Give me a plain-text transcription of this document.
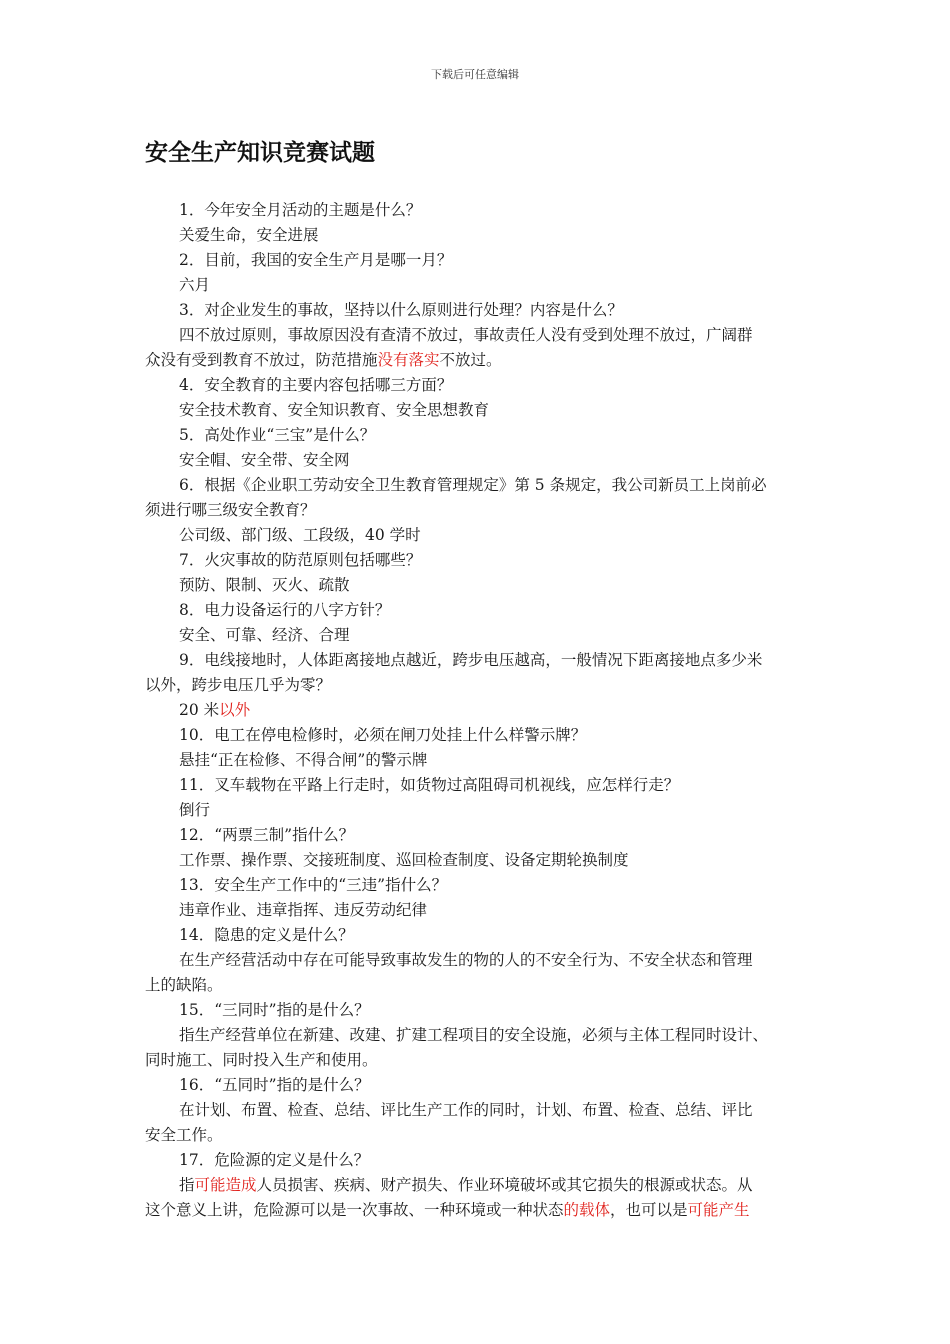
下载后可任意编辑
安全生产知识竞赛试题
1．今年安全月活动的主题是什么？
关爱生命，安全进展
2．目前，我国的安全生产月是哪一月？
六月
3．对企业发生的事故，坚持以什么原则进行处理？内容是什么？
四不放过原则，事故原因没有查清不放过，事故责任人没有受到处理不放过，广阔群
众没有受到教育不放过，防范措施没有落实不放过。
4．安全教育的主要内容包括哪三方面？
安全技术教育、安全知识教育、安全思想教育
5．高处作业“三宝”是什么？
安全帽、安全带、安全网
6．根据《企业职工劳动安全卫生教育管理规定》第 5 条规定，我公司新员工上岗前必
须进行哪三级安全教育？
公司级、部门级、工段级，40 学时
7．火灾事故的防范原则包括哪些？
预防、限制、灭火、疏散
8．电力设备运行的八字方针？
安全、可靠、经济、合理
9．电线接地时，人体距离接地点越近，跨步电压越高，一般情况下距离接地点多少米
以外，跨步电压几乎为零？
20 米以外
10．电工在停电检修时，必须在闸刀处挂上什么样警示牌？
悬挂“正在检修、不得合闸”的警示牌
11．叉车载物在平路上行走时，如货物过高阻碍司机视线，应怎样行走？
倒行
12．“两票三制”指什么？
工作票、操作票、交接班制度、巡回检查制度、设备定期轮换制度
13．安全生产工作中的“三违”指什么？
违章作业、违章指挥、违反劳动纪律
14．隐患的定义是什么？
在生产经营活动中存在可能导致事故发生的物的人的不安全行为、不安全状态和管理
上的缺陷。
15．“三同时”指的是什么？
指生产经营单位在新建、改建、扩建工程项目的安全设施，必须与主体工程同时设计、
同时施工、同时投入生产和使用。
16．“五同时”指的是什么？
在计划、布置、检查、总结、评比生产工作的同时，计划、布置、检查、总结、评比
安全工作。
17．危险源的定义是什么？
指可能造成人员损害、疾病、财产损失、作业环境破坏或其它损失的根源或状态。从
这个意义上讲，危险源可以是一次事故、一种环境或一种状态的载体，也可以是可能产生
